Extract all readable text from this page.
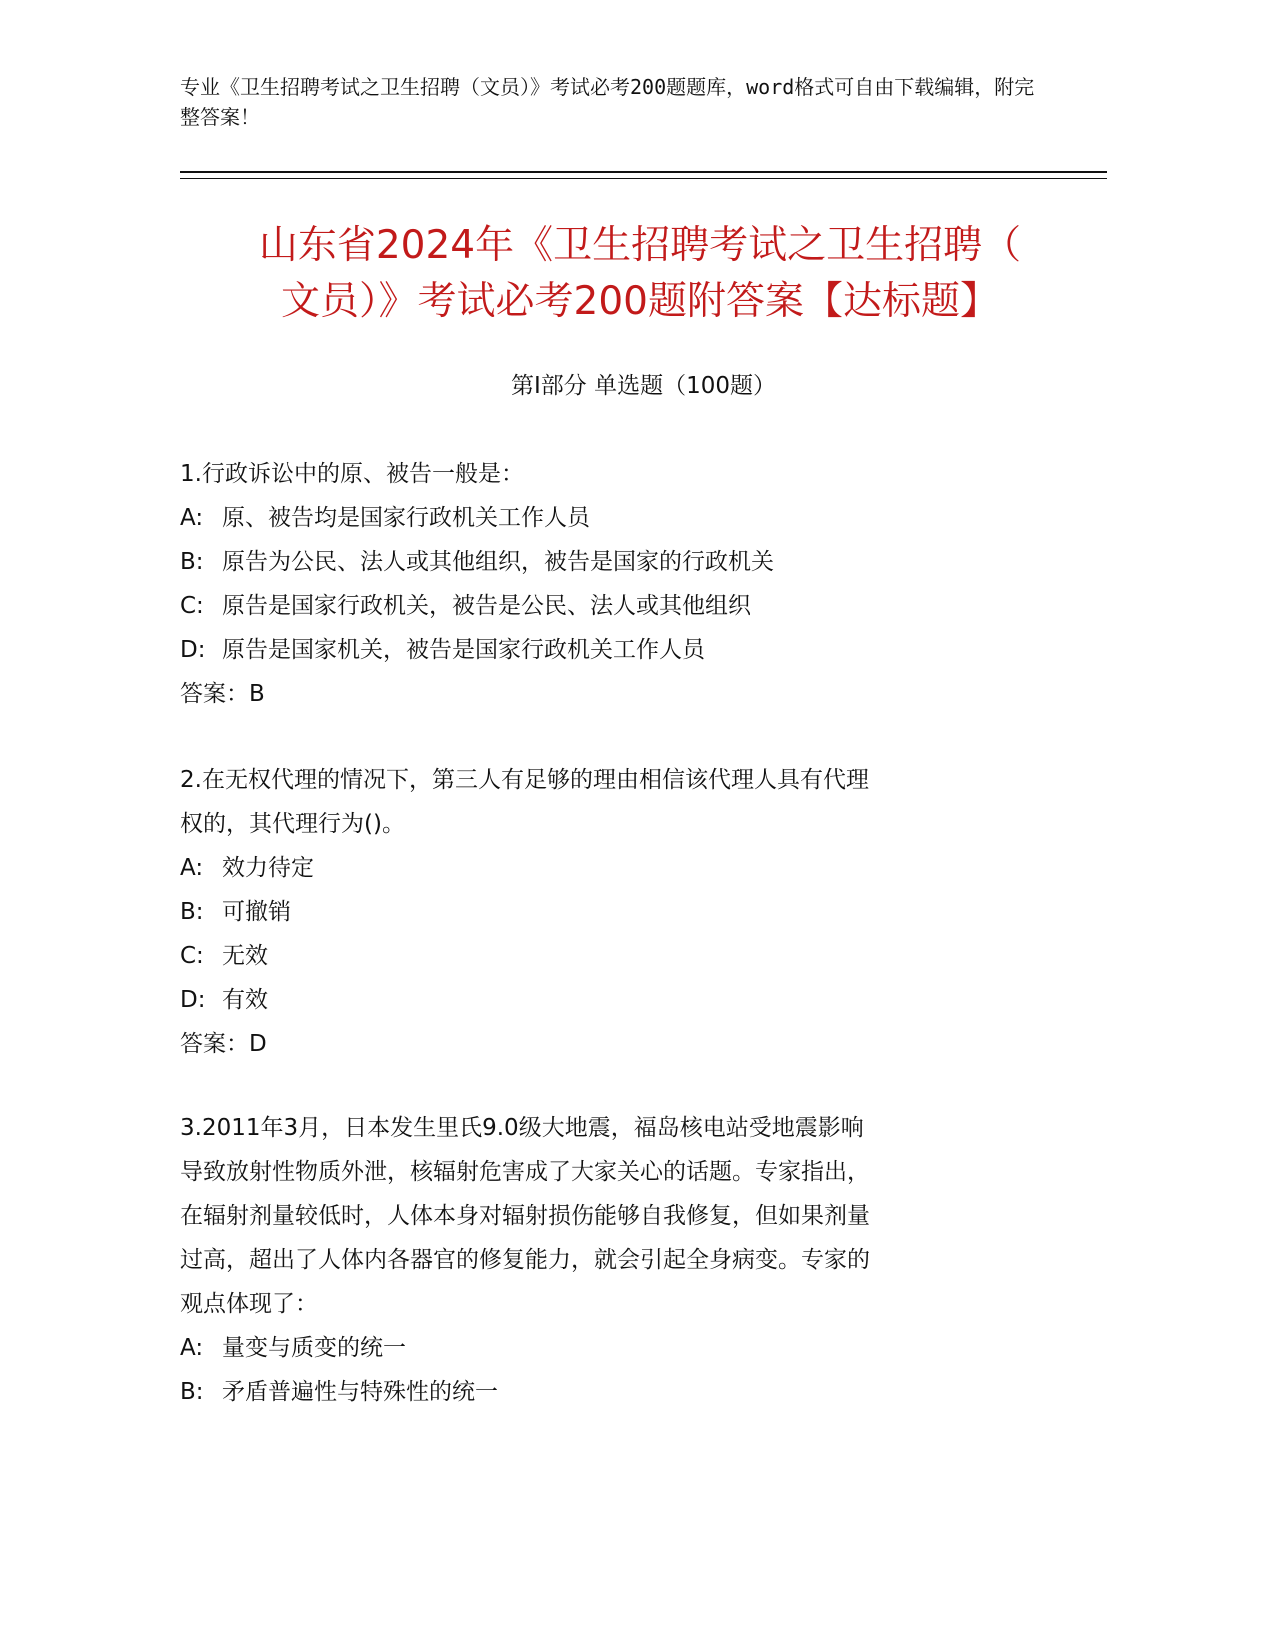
专业《卫生招聘考试之卫生招聘（文员）》考试必考200题题库，word格式可自由下载编辑，附完整答案！
山东省2024年《卫生招聘考试之卫生招聘（
文员）》考试必考200题附答案【达标题】
第Ⅰ部分 单选题（100题）
1.行政诉讼中的原、被告一般是：
A: 原、被告均是国家行政机关工作人员
B: 原告为公民、法人或其他组织，被告是国家的行政机关
C: 原告是国家行政机关，被告是公民、法人或其他组织
D: 原告是国家机关，被告是国家行政机关工作人员
答案：B
2.在无权代理的情况下，第三人有足够的理由相信该代理人具有代理
权的，其代理行为()。
A: 效力待定
B: 可撤销
C: 无效
D: 有效
答案：D
3.2011年3月，日本发生里氏9.0级大地震，福岛核电站受地震影响
导致放射性物质外泄，核辐射危害成了大家关心的话题。专家指出，
在辐射剂量较低时，人体本身对辐射损伤能够自我修复，但如果剂量
过高，超出了人体内各器官的修复能力，就会引起全身病变。专家的
观点体现了：
A: 量变与质变的统一
B: 矛盾普遍性与特殊性的统一
